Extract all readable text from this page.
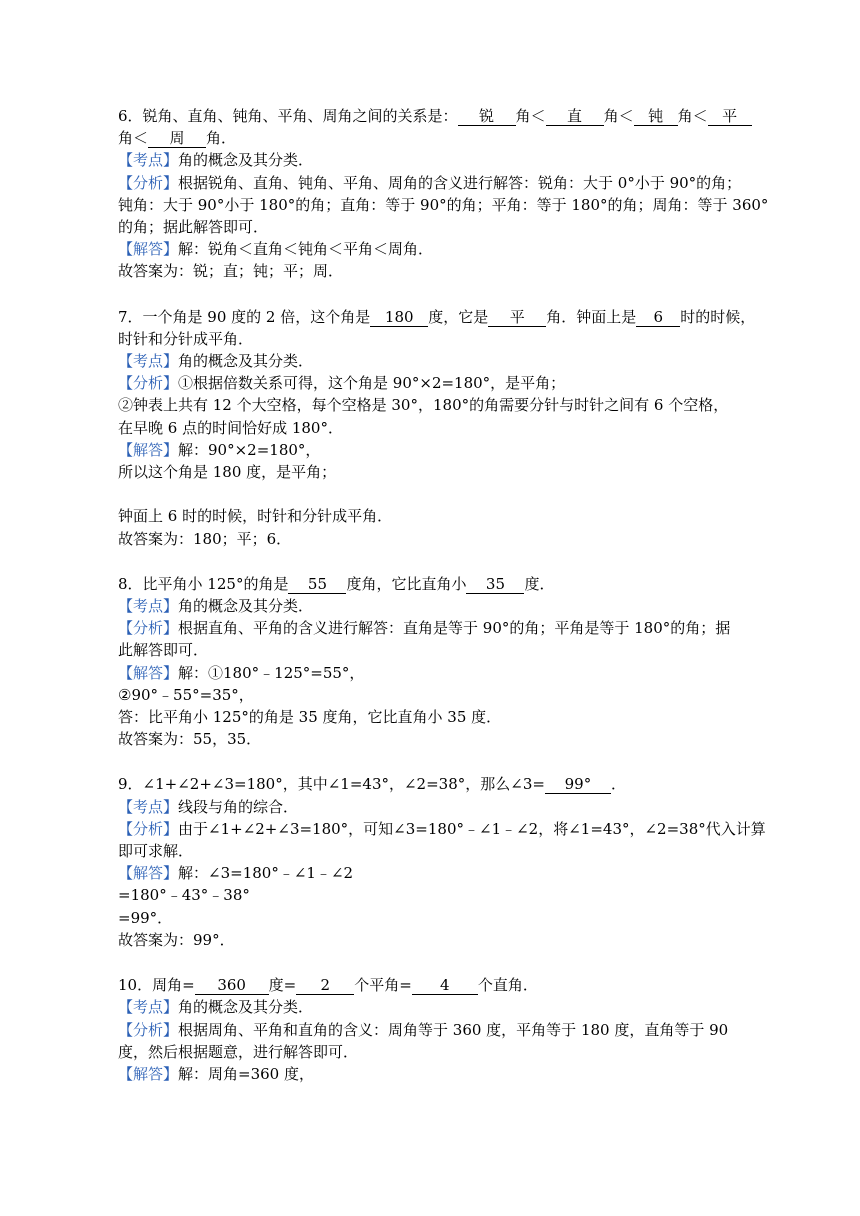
6．锐角、直角、钝角、平角、周角之间的关系是： 锐 角＜ 直 角＜ 钝 角＜ 平
角＜ 周 角．
【考点】角的概念及其分类．
【分析】根据锐角、直角、钝角、平角、周角的含义进行解答：锐角：大于 0°小于 90°的角；
钝角：大于 90°小于 180°的角；直角：等于 90°的角；平角：等于 180°的角；周角：等于 360°
的角；据此解答即可．
【解答】解：锐角＜直角＜钝角＜平角＜周角．
故答案为：锐；直；钝；平；周．
7．一个角是 90 度的 2 倍，这个角是 180 度，它是 平 角．钟面上是 6 时的时候，
时针和分针成平角．
【考点】角的概念及其分类．
【分析】①根据倍数关系可得，这个角是 90°×2=180°，是平角；
②钟表上共有 12 个大空格，每个空格是 30°，180°的角需要分针与时针之间有 6 个空格，
在早晚 6 点的时间恰好成 180°．
【解答】解：90°×2=180°，
所以这个角是 180 度，是平角；
钟面上 6 时的时候，时针和分针成平角．
故答案为：180；平；6．
8．比平角小 125°的角是 55 度角，它比直角小 35 度．
【考点】角的概念及其分类．
【分析】根据直角、平角的含义进行解答：直角是等于 90°的角；平角是等于 180°的角；据
此解答即可．
【解答】解：①180°﹣125°=55°，
②90°﹣55°=35°，
答：比平角小 125°的角是 35 度角，它比直角小 35 度．
故答案为：55，35．
9．∠1+∠2+∠3=180°，其中∠1=43°，∠2=38°，那么∠3= 99° ．
【考点】线段与角的综合．
【分析】由于∠1+∠2+∠3=180°，可知∠3=180°﹣∠1﹣∠2，将∠1=43°，∠2=38°代入计算
即可求解．
【解答】解：∠3=180°﹣∠1﹣∠2
=180°﹣43°﹣38°
=99°．
故答案为：99°．
10．周角= 360 度= 2 个平角= 4 个直角．
【考点】角的概念及其分类．
【分析】根据周角、平角和直角的含义：周角等于 360 度，平角等于 180 度，直角等于 90
度，然后根据题意，进行解答即可．
【解答】解：周角=360 度，
